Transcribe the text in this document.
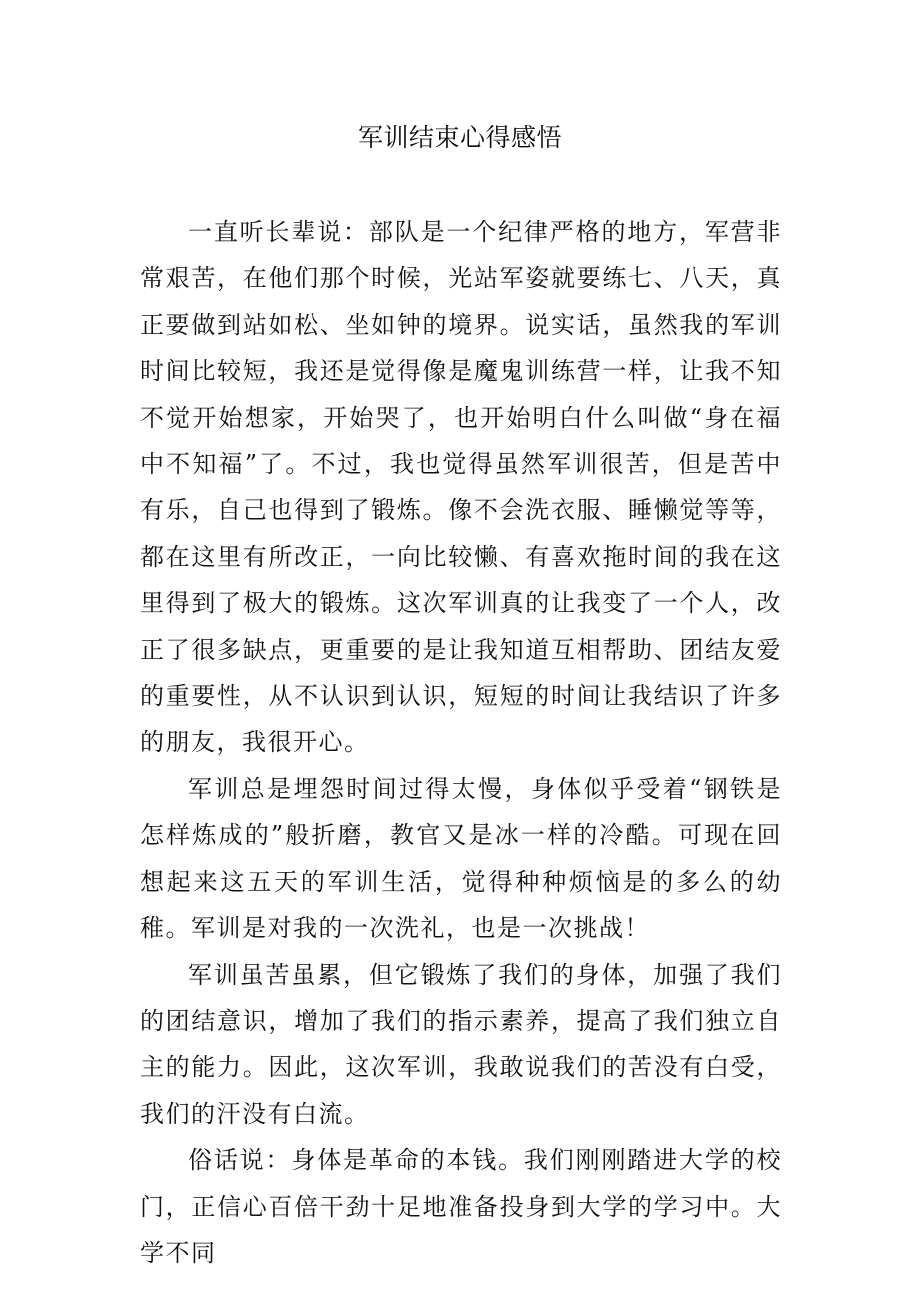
军训结束心得感悟

一直听长辈说：部队是一个纪律严格的地方，军营非常艰苦，在他们那个时候，光站军姿就要练七、八天，真正要做到站如松、坐如钟的境界。说实话，虽然我的军训时间比较短，我还是觉得像是魔鬼训练营一样，让我不知不觉开始想家，开始哭了，也开始明白什么叫做“身在福中不知福”了。不过，我也觉得虽然军训很苦，但是苦中有乐，自己也得到了锻炼。像不会洗衣服、睡懒觉等等，都在这里有所改正，一向比较懒、有喜欢拖时间的我在这里得到了极大的锻炼。这次军训真的让我变了一个人，改正了很多缺点，更重要的是让我知道互相帮助、团结友爱的重要性，从不认识到认识，短短的时间让我结识了许多的朋友，我很开心。

军训总是埋怨时间过得太慢，身体似乎受着“钢铁是怎样炼成的”般折磨，教官又是冰一样的冷酷。可现在回想起来这五天的军训生活，觉得种种烦恼是的多么的幼稚。军训是对我的一次洗礼，也是一次挑战！

军训虽苦虽累，但它锻炼了我们的身体，加强了我们的团结意识，增加了我们的指示素养，提高了我们独立自主的能力。因此，这次军训，我敢说我们的苦没有白受，我们的汗没有白流。

俗话说：身体是革命的本钱。我们刚刚踏进大学的校门，正信心百倍干劲十足地准备投身到大学的学习中。大学不同
